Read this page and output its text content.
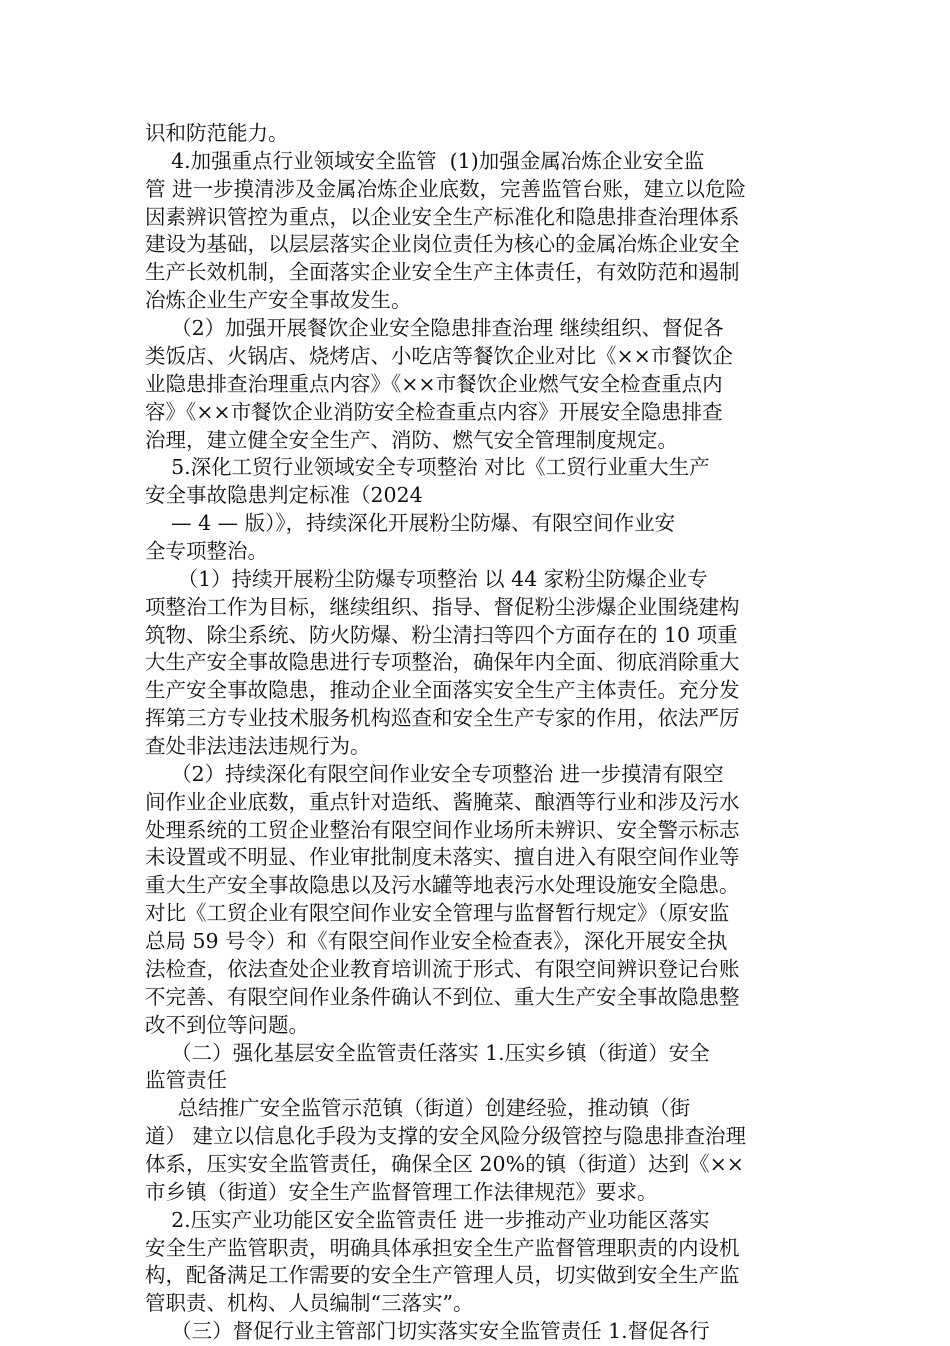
识和防范能力。
4.加强重点行业领域安全监管  (1)加强金属冶炼企业安全监
管 进一步摸清涉及金属冶炼企业底数，完善监管台账，建立以危险
因素辨识管控为重点，以企业安全生产标准化和隐患排查治理体系
建设为基础，以层层落实企业岗位责任为核心的金属冶炼企业安全
生产长效机制，全面落实企业安全生产主体责任，有效防范和遏制
冶炼企业生产安全事故发生。
（2）加强开展餐饮企业安全隐患排查治理 继续组织、督促各
类饭店、火锅店、烧烤店、小吃店等餐饮企业对比《××市餐饮企
业隐患排查治理重点内容》《××市餐饮企业燃气安全检查重点内
容》《××市餐饮企业消防安全检查重点内容》开展安全隐患排查
治理，建立健全安全生产、消防、燃气安全管理制度规定。
5.深化工贸行业领域安全专项整治 对比《工贸行业重大生产
安全事故隐患判定标准（2024
— 4 — 版）》，持续深化开展粉尘防爆、有限空间作业安
全专项整治。
（1）持续开展粉尘防爆专项整治 以 44 家粉尘防爆企业专
项整治工作为目标，继续组织、指导、督促粉尘涉爆企业围绕建构
筑物、除尘系统、防火防爆、粉尘清扫等四个方面存在的 10 项重
大生产安全事故隐患进行专项整治，确保年内全面、彻底消除重大
生产安全事故隐患，推动企业全面落实安全生产主体责任。充分发
挥第三方专业技术服务机构巡查和安全生产专家的作用，依法严厉
查处非法违法违规行为。
（2）持续深化有限空间作业安全专项整治 进一步摸清有限空
间作业企业底数，重点针对造纸、酱腌菜、酿酒等行业和涉及污水
处理系统的工贸企业整治有限空间作业场所未辨识、安全警示标志
未设置或不明显、作业审批制度未落实、擅自进入有限空间作业等
重大生产安全事故隐患以及污水罐等地表污水处理设施安全隐患。
对比《工贸企业有限空间作业安全管理与监督暂行规定》（原安监
总局 59 号令）和《有限空间作业安全检查表》，深化开展安全执
法检查，依法查处企业教育培训流于形式、有限空间辨识登记台账
不完善、有限空间作业条件确认不到位、重大生产安全事故隐患整
改不到位等问题。
（二）强化基层安全监管责任落实 1.压实乡镇（街道）安全
监管责任
总结推广安全监管示范镇（街道）创建经验，推动镇（街
道） 建立以信息化手段为支撑的安全风险分级管控与隐患排查治理
体系，压实安全监管责任，确保全区 20%的镇（街道）达到《××
市乡镇（街道）安全生产监督管理工作法律规范》要求。
2.压实产业功能区安全监管责任 进一步推动产业功能区落实
安全生产监管职责，明确具体承担安全生产监督管理职责的内设机
构，配备满足工作需要的安全生产管理人员，切实做到安全生产监
管职责、机构、人员编制“三落实”。
（三）督促行业主管部门切实落实安全监管责任 1.督促各行
